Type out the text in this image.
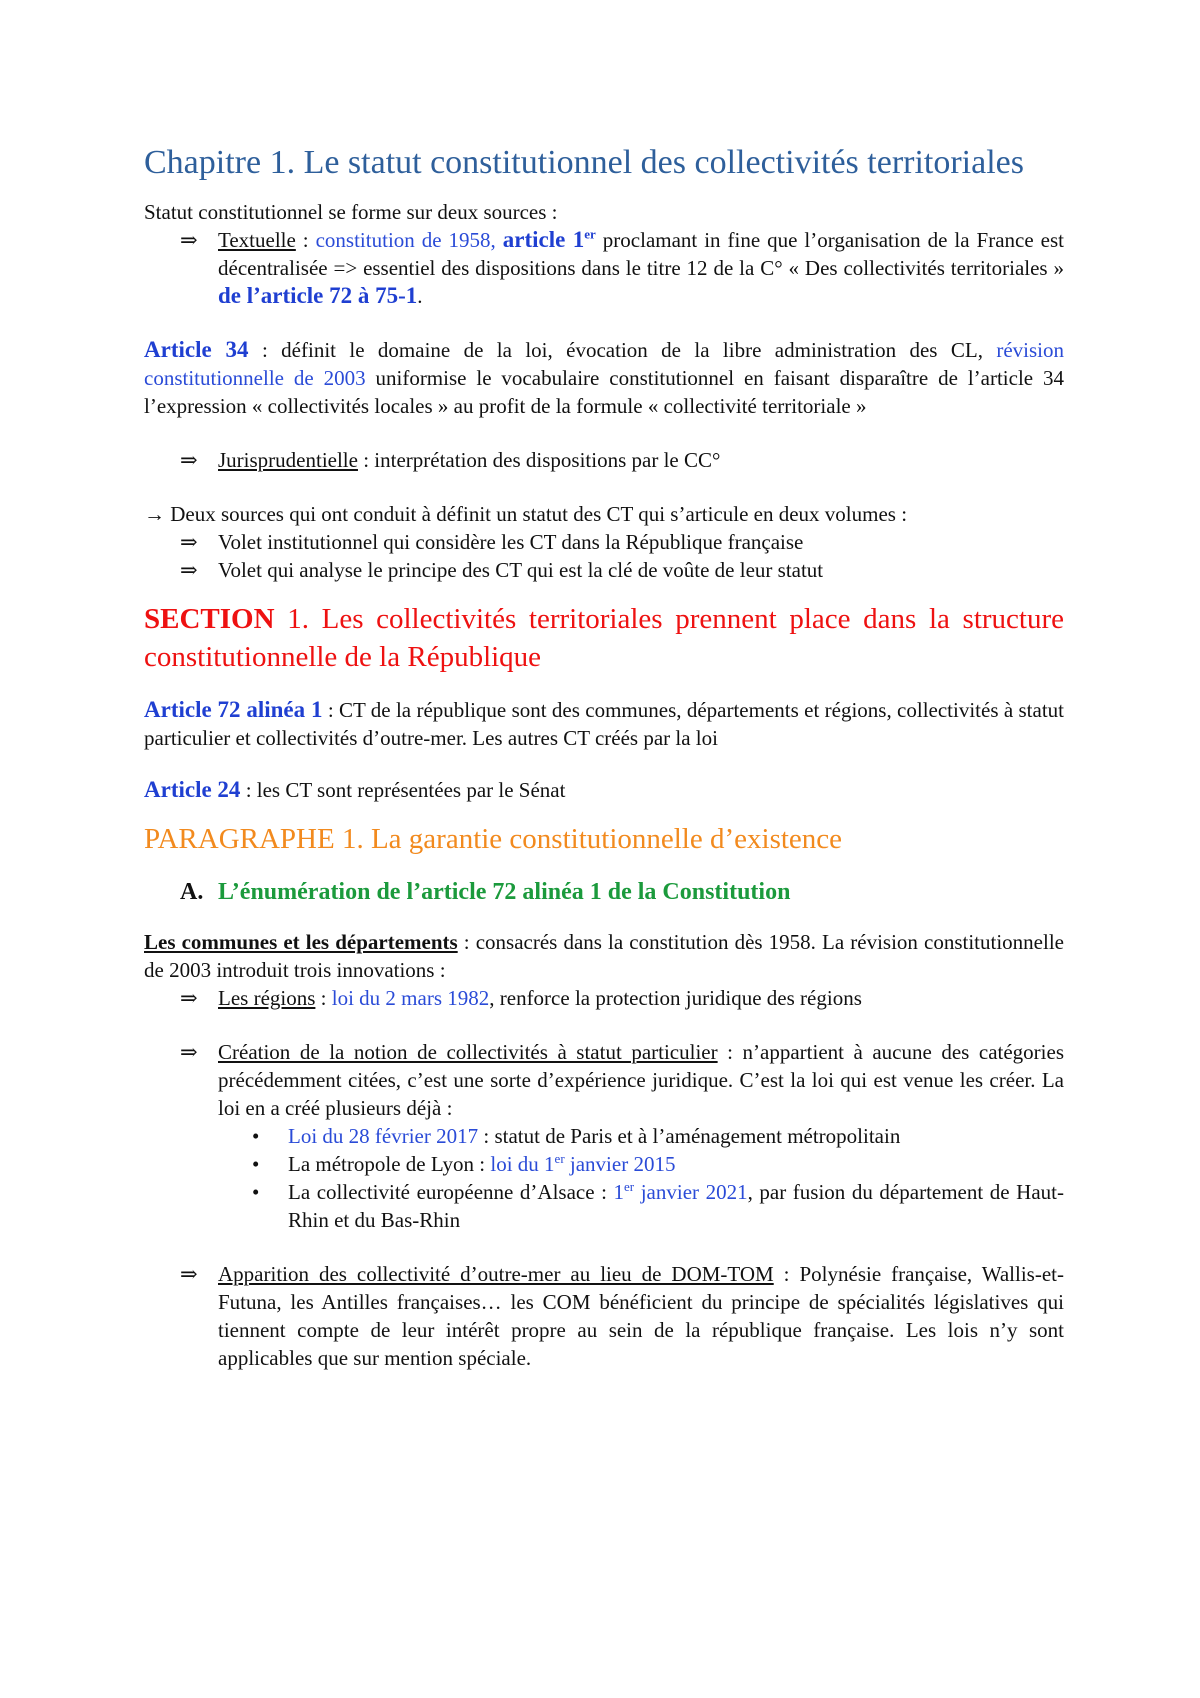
Chapitre 1. Le statut constitutionnel des collectivités territoriales

Statut constitutionnel se forme sur deux sources :

⇒ Textuelle : constitution de 1958, article 1er proclamant in fine que l’organisation de la France est décentralisée => essentiel des dispositions dans le titre 12 de la C° « Des collectivités territoriales » de l’article 72 à 75-1.

Article 34 : définit le domaine de la loi, évocation de la libre administration des CL, révision constitutionnelle de 2003 uniformise le vocabulaire constitutionnel en faisant disparaître de l’article 34 l’expression « collectivités locales » au profit de la formule « collectivité territoriale »

⇒ Jurisprudentielle : interprétation des dispositions par le CC°

→ Deux sources qui ont conduit à définit un statut des CT qui s’articule en deux volumes :

⇒ Volet institutionnel qui considère les CT dans la République française
⇒ Volet qui analyse le principe des CT qui est la clé de voûte de leur statut
SECTION 1. Les collectivités territoriales prennent place dans la structure constitutionnelle de la République

Article 72 alinéa 1 : CT de la république sont des communes, départements et régions, collectivités à statut particulier et collectivités d’outre-mer. Les autres CT créés par la loi

Article 24 : les CT sont représentées par le Sénat

PARAGRAPHE 1. La garantie constitutionnelle d’existence
A. L’énumération de l’article 72 alinéa 1 de la Constitution

Les communes et les départements : consacrés dans la constitution dès 1958. La révision constitutionnelle de 2003 introduit trois innovations :

⇒ Les régions : loi du 2 mars 1982, renforce la protection juridique des régions
⇒ Création de la notion de collectivités à statut particulier : n’appartient à aucune des catégories précédemment citées, c’est une sorte d’expérience juridique. C’est la loi qui est venue les créer. La loi en a créé plusieurs déjà :
• Loi du 28 février 2017 : statut de Paris et à l’aménagement métropolitain
• La métropole de Lyon : loi du 1er janvier 2015
• La collectivité européenne d’Alsace : 1er janvier 2021, par fusion du département de Haut-Rhin et du Bas-Rhin
⇒ Apparition des collectivité d’outre-mer au lieu de DOM-TOM : Polynésie française, Wallis-et-Futuna, les Antilles françaises… les COM bénéficient du principe de spécialités législatives qui tiennent compte de leur intérêt propre au sein de la république française. Les lois n’y sont applicables que sur mention spéciale.
